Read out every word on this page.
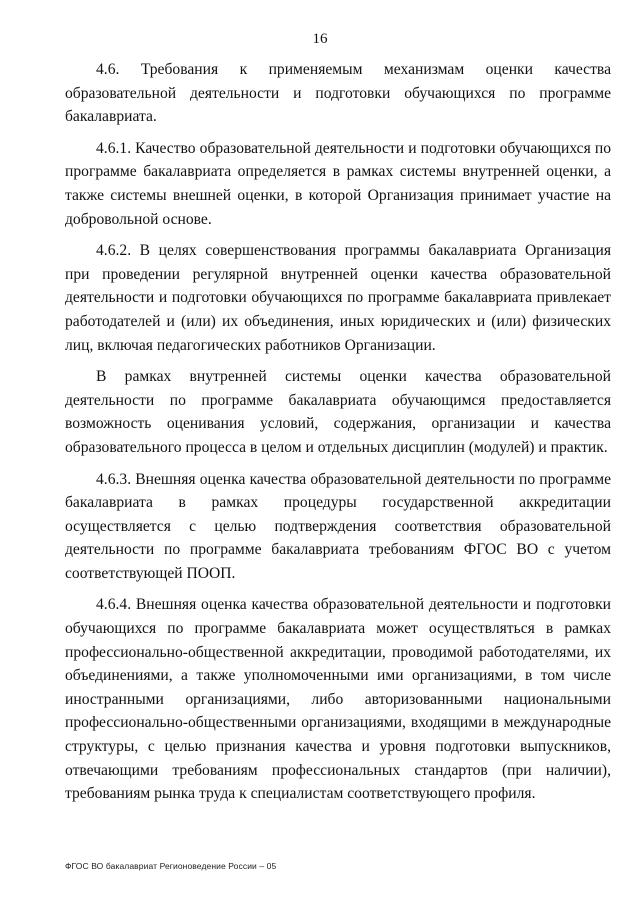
16

4.6. Требования к применяемым механизмам оценки качества образовательной деятельности и подготовки обучающихся по программе бакалавриата.

4.6.1. Качество образовательной деятельности и подготовки обучающихся по программе бакалавриата определяется в рамках системы внутренней оценки, а также системы внешней оценки, в которой Организация принимает участие на добровольной основе.

4.6.2. В целях совершенствования программы бакалавриата Организация при проведении регулярной внутренней оценки качества образовательной деятельности и подготовки обучающихся по программе бакалавриата привлекает работодателей и (или) их объединения, иных юридических и (или) физических лиц, включая педагогических работников Организации.

В рамках внутренней системы оценки качества образовательной деятельности по программе бакалавриата обучающимся предоставляется возможность оценивания условий, содержания, организации и качества образовательного процесса в целом и отдельных дисциплин (модулей) и практик.

4.6.3. Внешняя оценка качества образовательной деятельности по программе бакалавриата в рамках процедуры государственной аккредитации осуществляется с целью подтверждения соответствия образовательной деятельности по программе бакалавриата требованиям ФГОС ВО с учетом соответствующей ПООП.

4.6.4. Внешняя оценка качества образовательной деятельности и подготовки обучающихся по программе бакалавриата может осуществляться в рамках профессионально-общественной аккредитации, проводимой работодателями, их объединениями, а также уполномоченными ими организациями, в том числе иностранными организациями, либо авторизованными национальными профессионально-общественными организациями, входящими в международные структуры, с целью признания качества и уровня подготовки выпускников, отвечающими требованиям профессиональных стандартов (при наличии), требованиям рынка труда к специалистам соответствующего профиля.

ФГОС ВО бакалавриат Регионоведение России – 05
